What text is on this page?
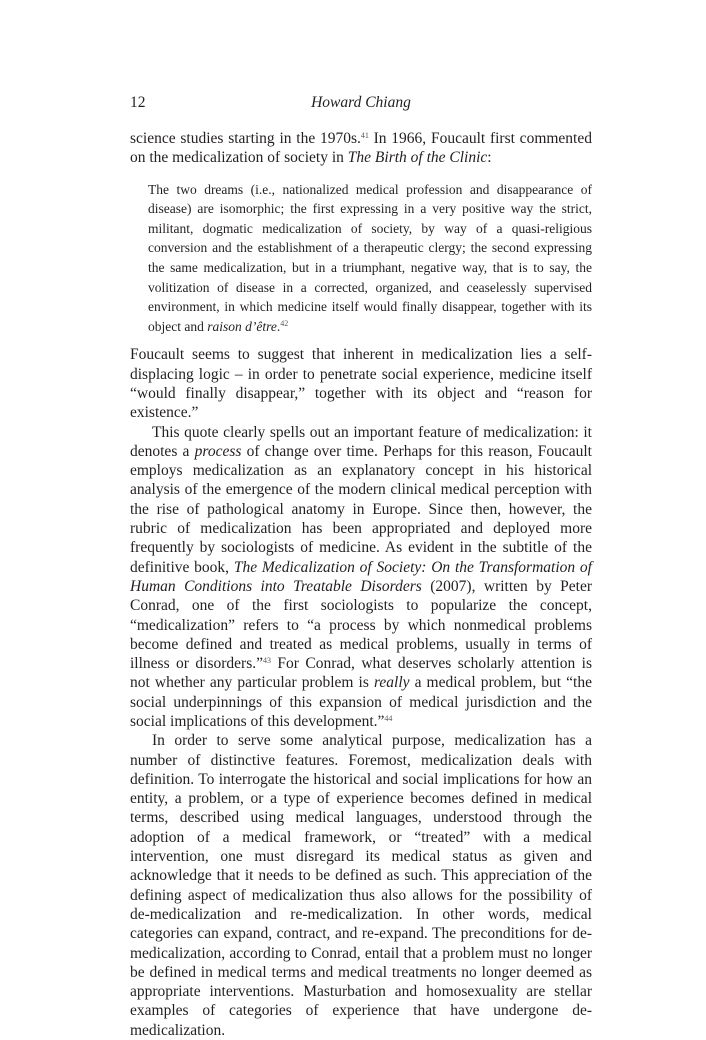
12	Howard Chiang

science studies starting in the 1970s.$^{41}$ In 1966, Foucault first commented on the medicalization of society in The Birth of the Clinic:

The two dreams (i.e., nationalized medical profession and disappearance of disease) are isomorphic; the first expressing in a very positive way the strict, militant, dogmatic medicalization of society, by way of a quasi-religious conversion and the establishment of a therapeutic clergy; the second expressing the same medicalization, but in a triumphant, negative way, that is to say, the volitization of disease in a corrected, organized, and ceaselessly supervised environment, in which medicine itself would finally disappear, together with its object and raison d’être.$^{42}$

Foucault seems to suggest that inherent in medicalization lies a self-displacing logic – in order to penetrate social experience, medicine itself “would finally disappear,” together with its object and “reason for existence.”

This quote clearly spells out an important feature of medicalization: it denotes a process of change over time. Perhaps for this reason, Foucault employs medicalization as an explanatory concept in his historical analysis of the emergence of the modern clinical medical perception with the rise of pathological anatomy in Europe. Since then, however, the rubric of medicalization has been appropriated and deployed more frequently by sociologists of medicine. As evident in the subtitle of the definitive book, The Medicalization of Society: On the Transformation of Human Conditions into Treatable Disorders (2007), written by Peter Conrad, one of the first sociologists to popularize the concept, “medicalization” refers to “a process by which nonmedical problems become defined and treated as medical problems, usually in terms of illness or disorders.”$^{43}$ For Conrad, what deserves scholarly attention is not whether any particular problem is really a medical problem, but “the social underpinnings of this expansion of medical jurisdiction and the social implications of this development.”$^{44}$

In order to serve some analytical purpose, medicalization has a number of distinctive features. Foremost, medicalization deals with definition. To interrogate the historical and social implications for how an entity, a problem, or a type of experience becomes defined in medical terms, described using medical languages, understood through the adoption of a medical framework, or “treated” with a medical intervention, one must disregard its medical status as given and acknowledge that it needs to be defined as such. This appreciation of the defining aspect of medicalization thus also allows for the possibility of de-medicalization and re-medicalization. In other words, medical categories can expand, contract, and re-expand. The preconditions for de-medicalization, according to Conrad, entail that a problem must no longer be defined in medical terms and medical treatments no longer deemed as appropriate interventions. Masturbation and homosexuality are stellar examples of categories of experience that have undergone de-medicalization.
